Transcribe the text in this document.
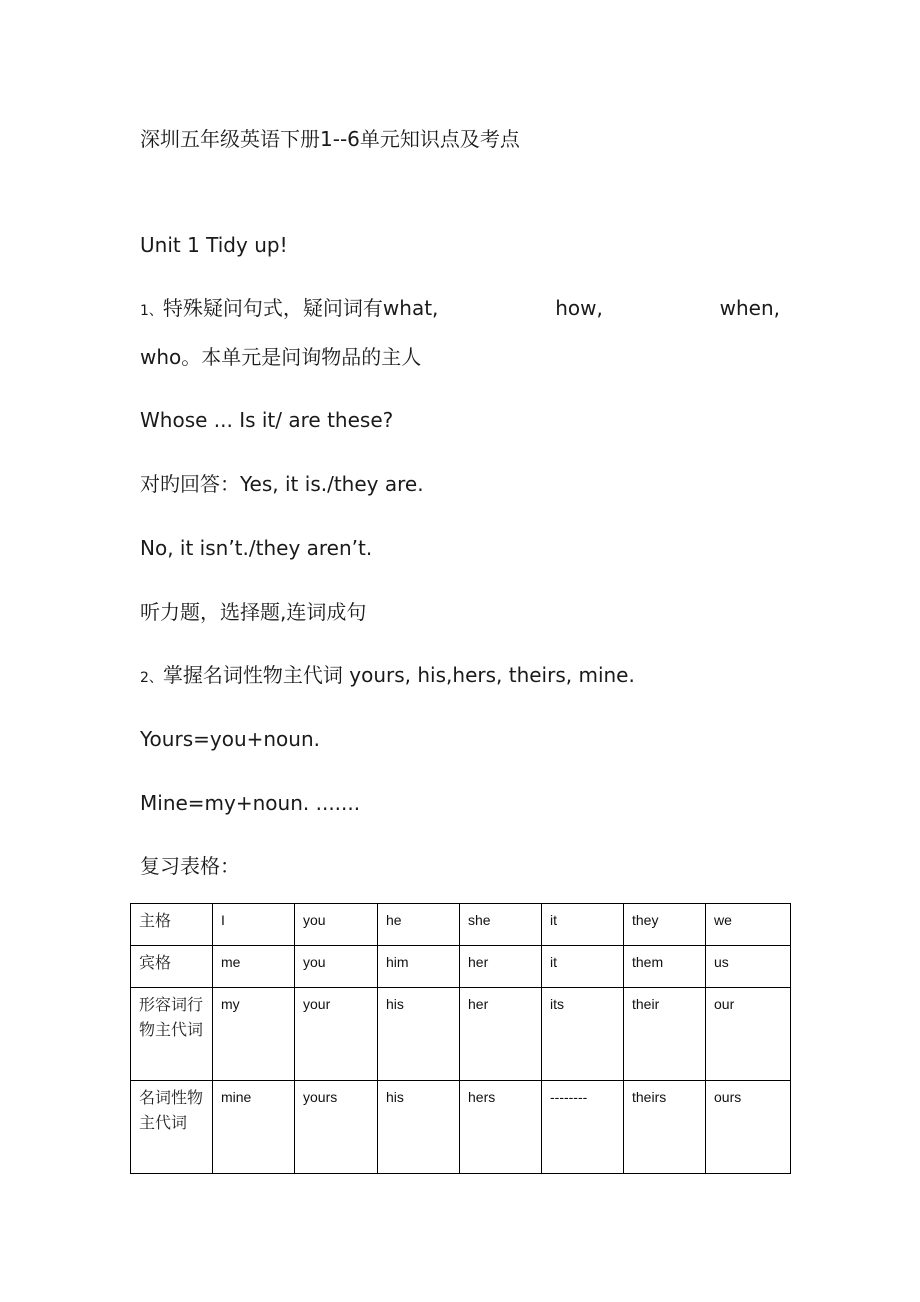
深圳五年级英语下册1--6单元知识点及考点
Unit 1 Tidy up!
1、特殊疑问句式，疑问词有what,	how,	when,
who。本单元是问询物品的主人
Whose ... Is it/ are these?
对旳回答：Yes, it is./they are.
No, it isn’t./they aren’t.
听力题，选择题,连词成句
2、掌握名词性物主代词 yours, his,hers, theirs, mine.
Yours=you+noun.
Mine=my+noun. .......
复习表格：
主格	I	you	he	she	it	they	we
宾格	me	you	him	her	it	them	us
形容词行物主代词	my	your	his	her	its	their	our
名词性物主代词	mine	yours	his	hers	--------	theirs	ours
